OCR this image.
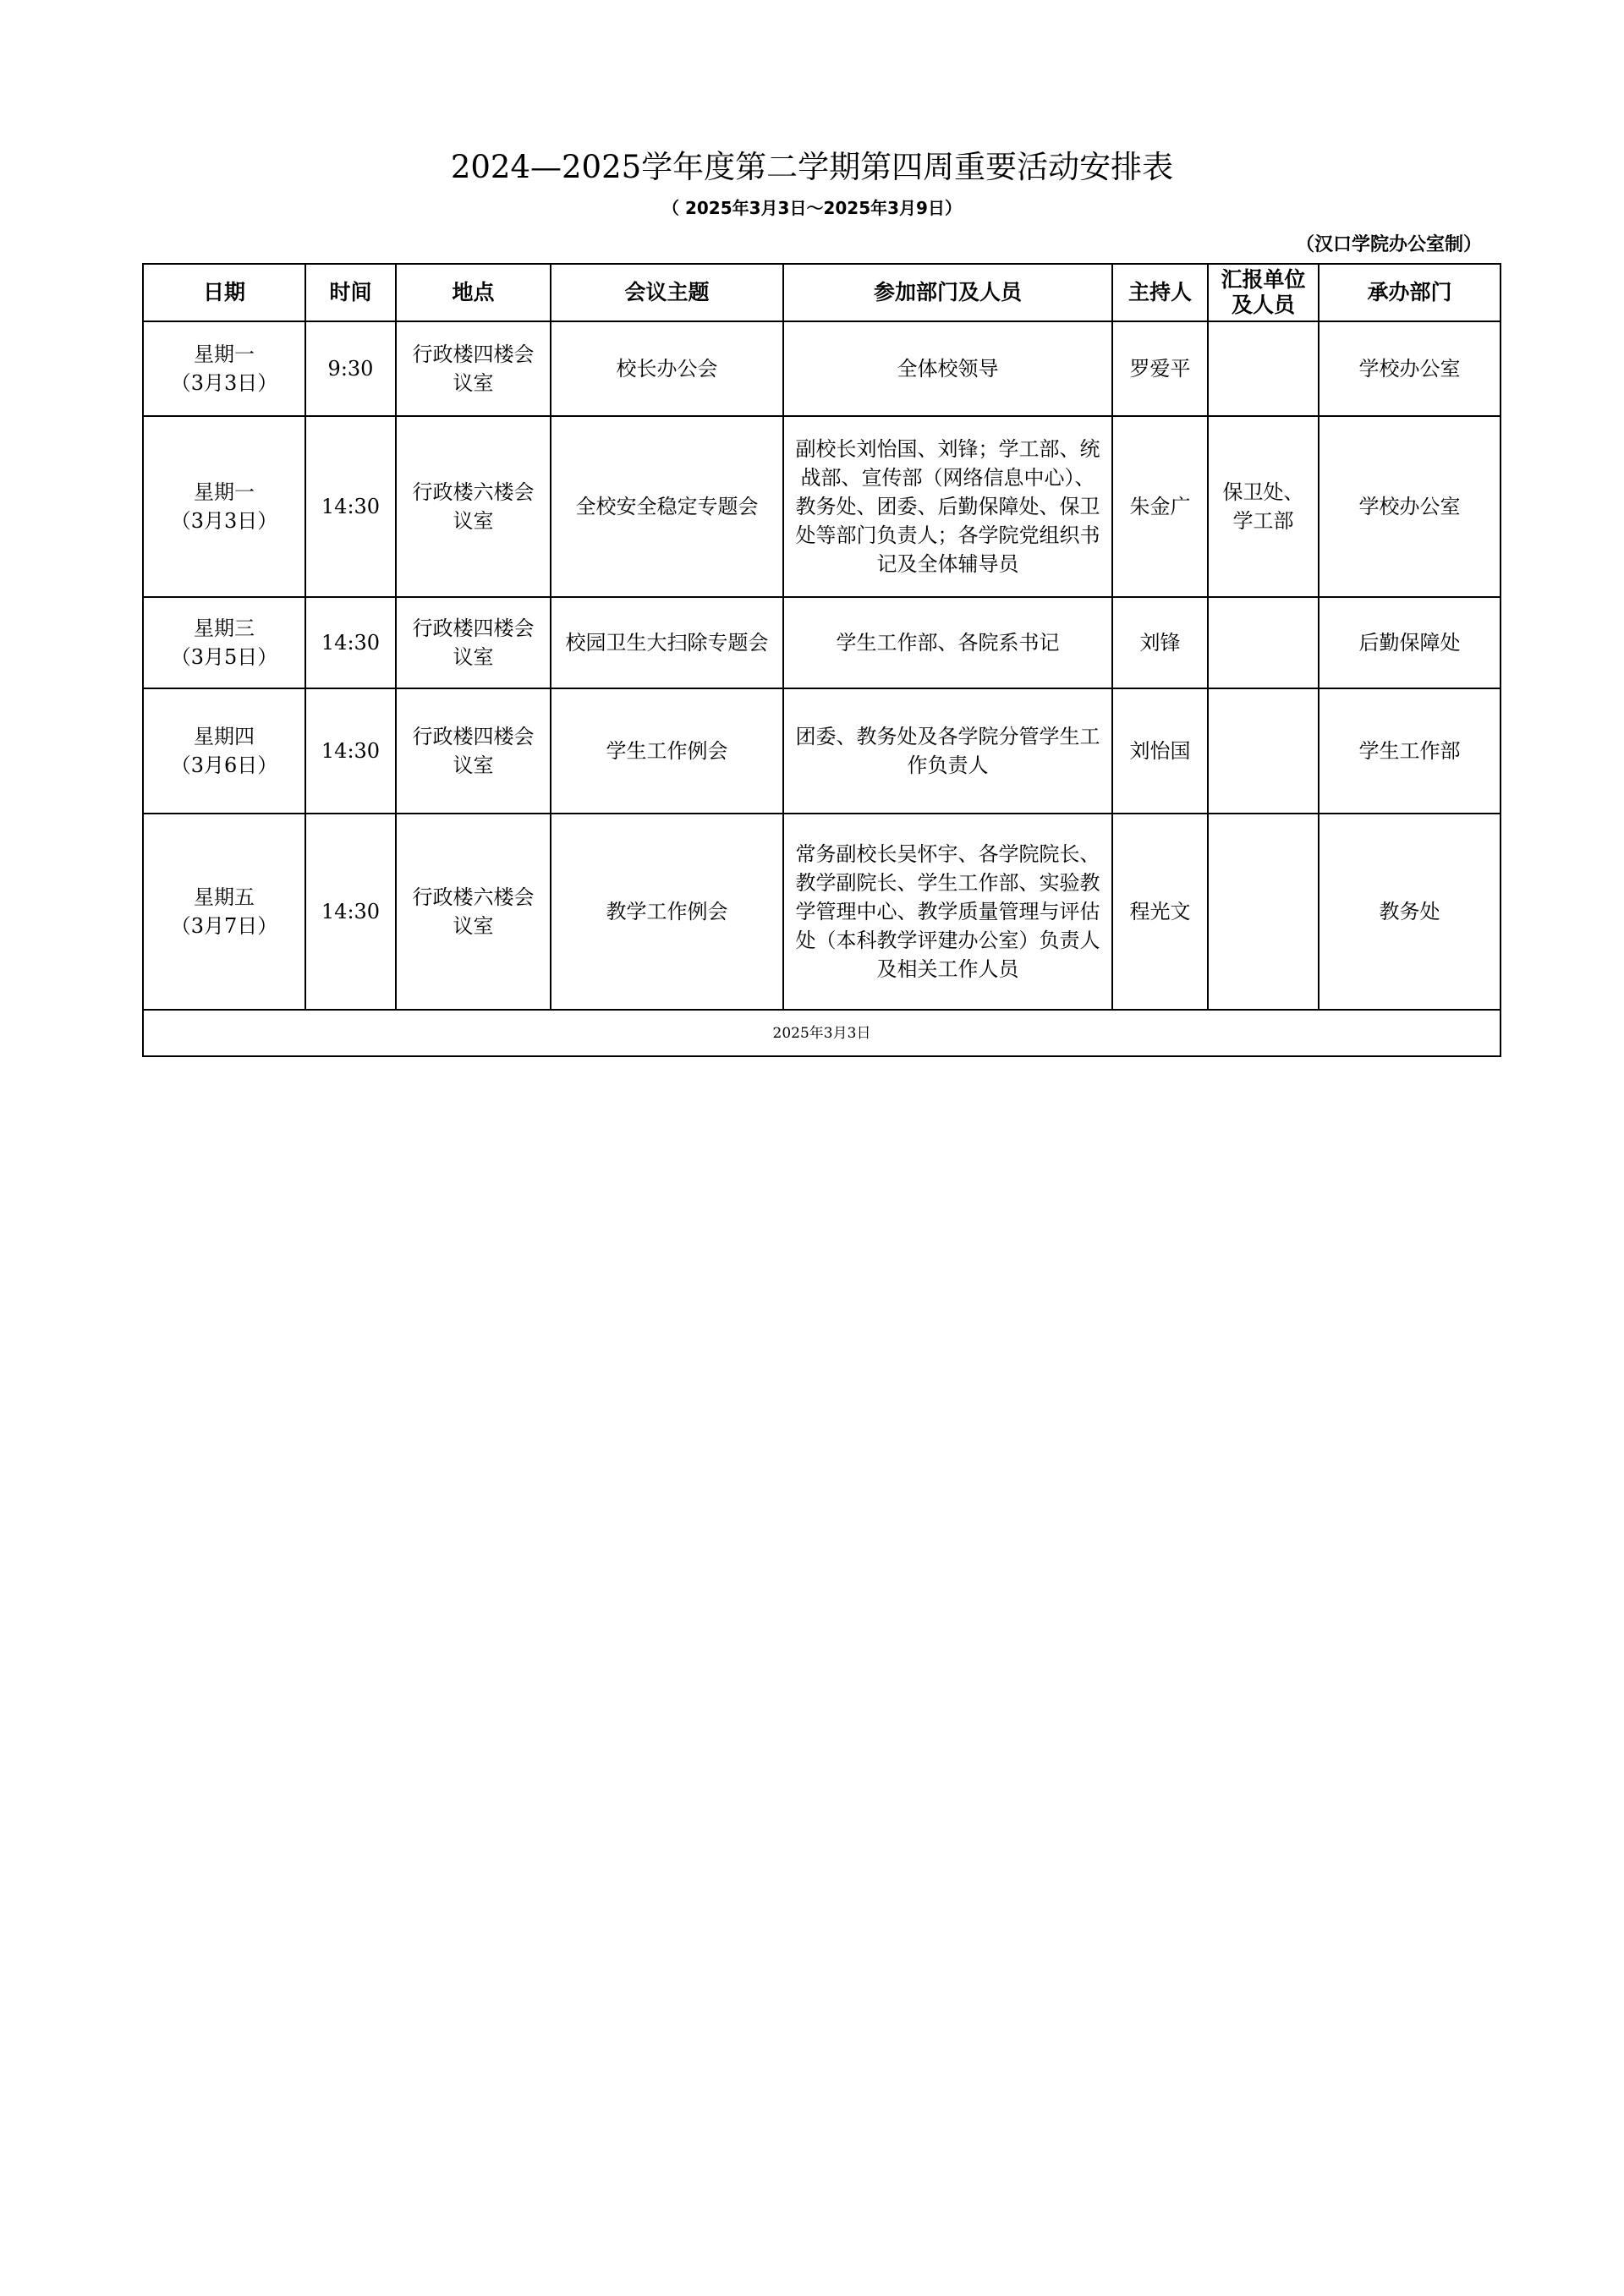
2024—2025学年度第二学期第四周重要活动安排表
（ 2025年3月3日～2025年3月9日）
（汉口学院办公室制）
日期	时间	地点	会议主题	参加部门及人员	主持人	汇报单位及人员	承办部门

星期一
（3月3日）	9:30	行政楼四楼会议室	校长办公会	全体校领导	罗爱平		学校办公室

星期一
（3月3日）	14:30	行政楼六楼会议室	全校安全稳定专题会	副校长刘怡国、刘锋；学工部、统战部、宣传部（网络信息中心）、教务处、团委、后勤保障处、保卫处等部门负责人；各学院党组织书记及全体辅导员	朱金广	保卫处、学工部	学校办公室

星期三
（3月5日）	14:30	行政楼四楼会议室	校园卫生大扫除专题会	学生工作部、各院系书记	刘锋		后勤保障处

星期四
（3月6日）	14:30	行政楼四楼会议室	学生工作例会	团委、教务处及各学院分管学生工作负责人	刘怡国		学生工作部

星期五
（3月7日）	14:30	行政楼六楼会议室	教学工作例会	常务副校长吴怀宇、各学院院长、教学副院长、学生工作部、实验教学管理中心、教学质量管理与评估处（本科教学评建办公室）负责人及相关工作人员	程光文		教务处
2025年3月3日							
